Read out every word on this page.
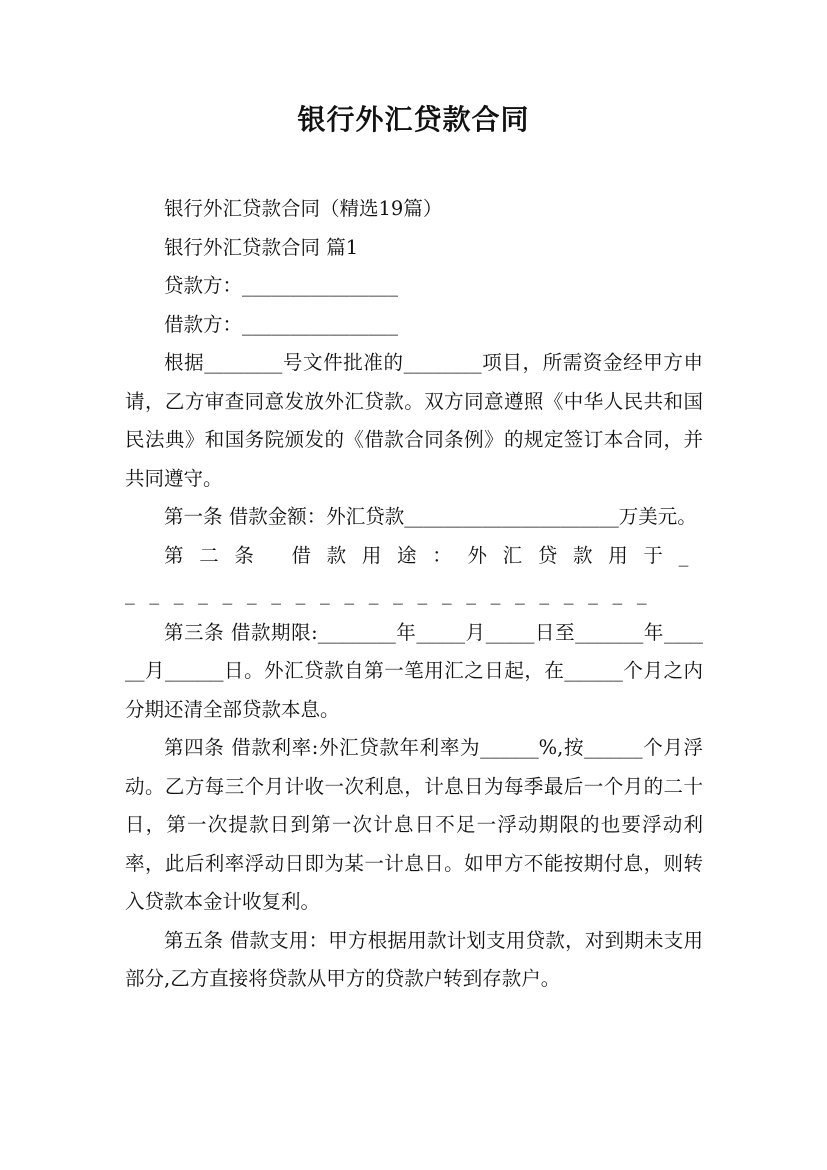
银行外汇贷款合同

银行外汇贷款合同（精选19篇）

银行外汇贷款合同 篇1

贷款方：________________

借款方：________________

根据________号文件批准的________项目，所需资金经甲方申请，乙方审查同意发放外汇贷款。双方同意遵照《中华人民共和国民法典》和国务院颁发的《借款合同条例》的规定签订本合同，并共同遵守。

第一条 借款金额：外汇贷款______________________万美元。

第二条 借款用途：外汇贷款用于_______________________

第三条 借款期限:________年_____月_____日至_______年______月______日。外汇贷款自第一笔用汇之日起，在______个月之内分期还清全部贷款本息。

第四条 借款利率:外汇贷款年利率为______%,按______个月浮动。乙方每三个月计收一次利息，计息日为每季最后一个月的二十日，第一次提款日到第一次计息日不足一浮动期限的也要浮动利率，此后利率浮动日即为某一计息日。如甲方不能按期付息，则转入贷款本金计收复利。

第五条 借款支用：甲方根据用款计划支用贷款，对到期未支用部分,乙方直接将贷款从甲方的贷款户转到存款户。
